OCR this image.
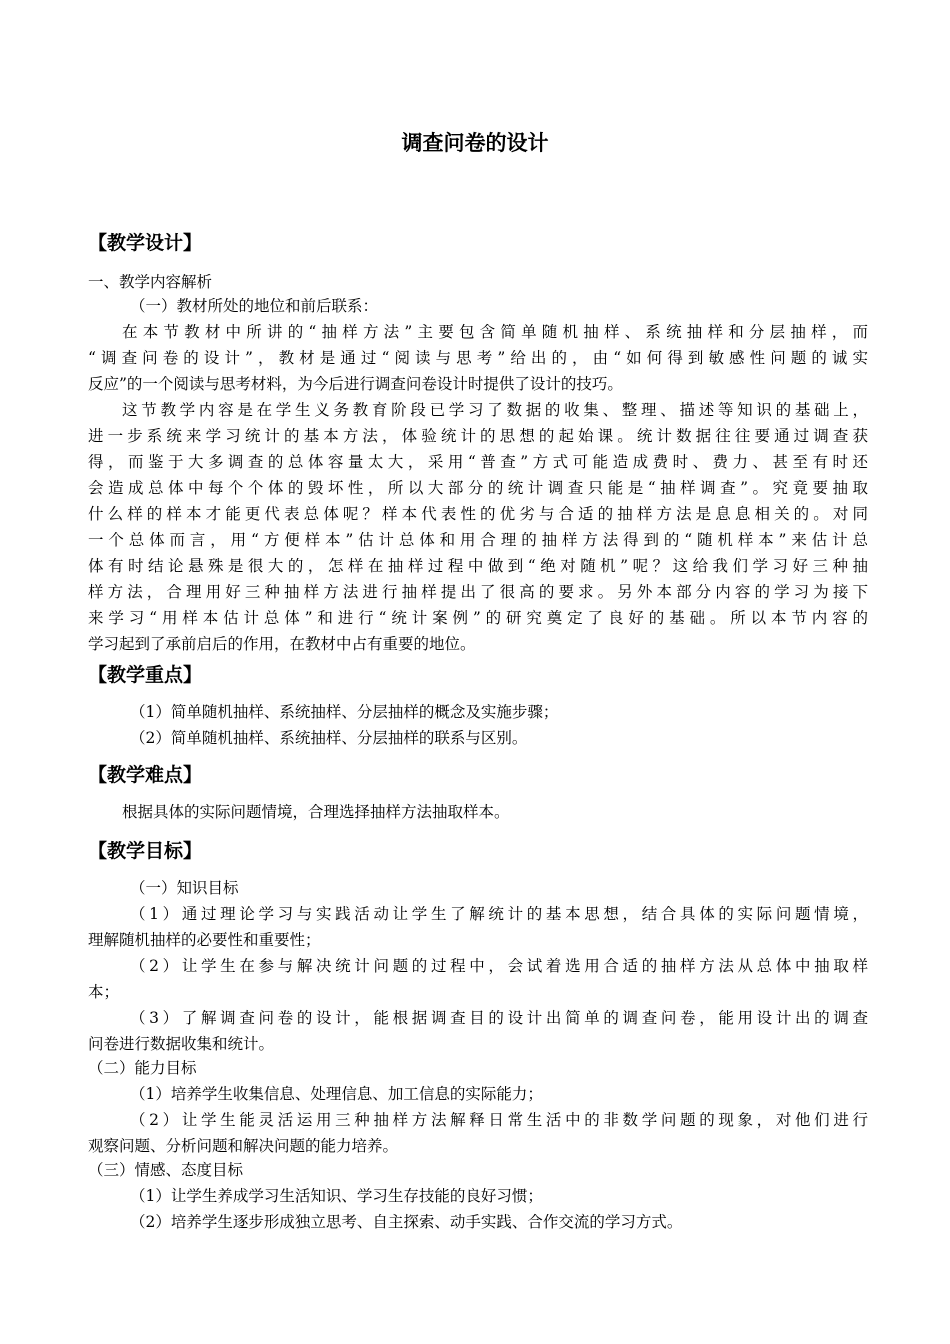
调查问卷的设计
【教学设计】
一、教学内容解析
（一）教材所处的地位和前后联系：
在本节教材中所讲的“抽样方法”主要包含简单随机抽样、系统抽样和分层抽样，而
“调查问卷的设计”，教材是通过“阅读与思考”给出的，由“如何得到敏感性问题的诚实
反应”的一个阅读与思考材料，为今后进行调查问卷设计时提供了设计的技巧。
这节教学内容是在学生义务教育阶段已学习了数据的收集、整理、描述等知识的基础上，
进一步系统来学习统计的基本方法，体验统计的思想的起始课。统计数据往往要通过调查获
得，而鉴于大多调查的总体容量太大，采用“普查”方式可能造成费时、费力、甚至有时还
会造成总体中每个个体的毁坏性，所以大部分的统计调查只能是“抽样调查”。究竟要抽取
什么样的样本才能更代表总体呢？样本代表性的优劣与合适的抽样方法是息息相关的。对同
一个总体而言，用“方便样本”估计总体和用合理的抽样方法得到的“随机样本”来估计总
体有时结论悬殊是很大的，怎样在抽样过程中做到“绝对随机”呢？这给我们学习好三种抽
样方法，合理用好三种抽样方法进行抽样提出了很高的要求。另外本部分内容的学习为接下
来学习“用样本估计总体”和进行“统计案例”的研究奠定了良好的基础。所以本节内容的
学习起到了承前启后的作用，在教材中占有重要的地位。
【教学重点】
（1）简单随机抽样、系统抽样、分层抽样的概念及实施步骤；
（2）简单随机抽样、系统抽样、分层抽样的联系与区别。
【教学难点】
根据具体的实际问题情境，合理选择抽样方法抽取样本。
【教学目标】
（一）知识目标
（1）通过理论学习与实践活动让学生了解统计的基本思想，结合具体的实际问题情境，
理解随机抽样的必要性和重要性；
（2）让学生在参与解决统计问题的过程中，会试着选用合适的抽样方法从总体中抽取样
本；
（3）了解调查问卷的设计，能根据调查目的设计出简单的调查问卷，能用设计出的调查
问卷进行数据收集和统计。
（二）能力目标
（1）培养学生收集信息、处理信息、加工信息的实际能力；
（2）让学生能灵活运用三种抽样方法解释日常生活中的非数学问题的现象，对他们进行
观察问题、分析问题和解决问题的能力培养。
（三）情感、态度目标
（1）让学生养成学习生活知识、学习生存技能的良好习惯；
（2）培养学生逐步形成独立思考、自主探索、动手实践、合作交流的学习方式。
